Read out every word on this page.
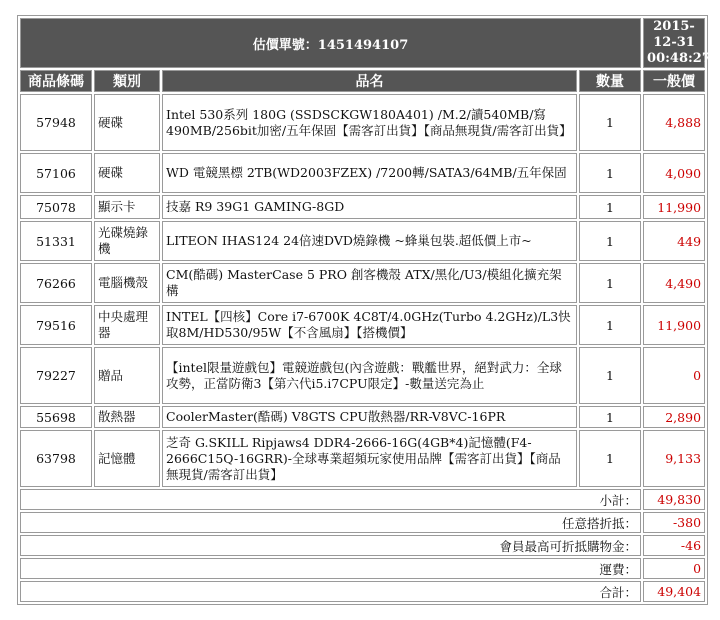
估價單號：1451494107				2015-12-31
00:48:27

商品條碼	類別	品名	數量	一般價
57948	硬碟	Intel 530系列 180G (SSDSCKGW180A401) /M.2/讀540MB/寫490MB/256bit加密/五年保固【需客訂出貨】【商品無現貨/需客訂出貨】	1	4,888
57106	硬碟	WD 電競黑標 2TB(WD2003FZEX) /7200轉/SATA3/64MB/五年保固	1	4,090
75078	顯示卡	技嘉 R9 39G1 GAMING-8GD	1	11,990
51331	光碟燒錄機	LITEON IHAS124 24倍速DVD燒錄機 ~蜂巢包裝.超低價上市~	1	449
76266	電腦機殼	CM(酷碼) MasterCase 5 PRO 創客機殼 ATX/黑化/U3/模組化擴充架構	1	4,490
79516	中央處理器	INTEL【四核】Core i7-6700K 4C8T/4.0GHz(Turbo 4.2GHz)/L3快取8M/HD530/95W【不含風扇】【搭機價】	1	11,900
79227	贈品	【intel限量遊戲包】電競遊戲包(內含遊戲：戰艦世界，絕對武力：全球攻勢，正當防衛3【第六代i5.i7CPU限定】-數量送完為止	1	0
55698	散熱器	CoolerMaster(酷碼) V8GTS CPU散熱器/RR-V8VC-16PR	1	2,890
63798	記憶體	芝奇 G.SKILL Ripjaws4 DDR4-2666-16G(4GB*4)記憶體(F4-2666C15Q-16GRR)-全球專業超頻玩家使用品牌【需客訂出貨】【商品無現貨/需客訂出貨】	1	9,133
小計：				49,830
任意搭折抵：				-380
會員最高可折抵購物金：				-46
運費：				0
合計：				49,404
